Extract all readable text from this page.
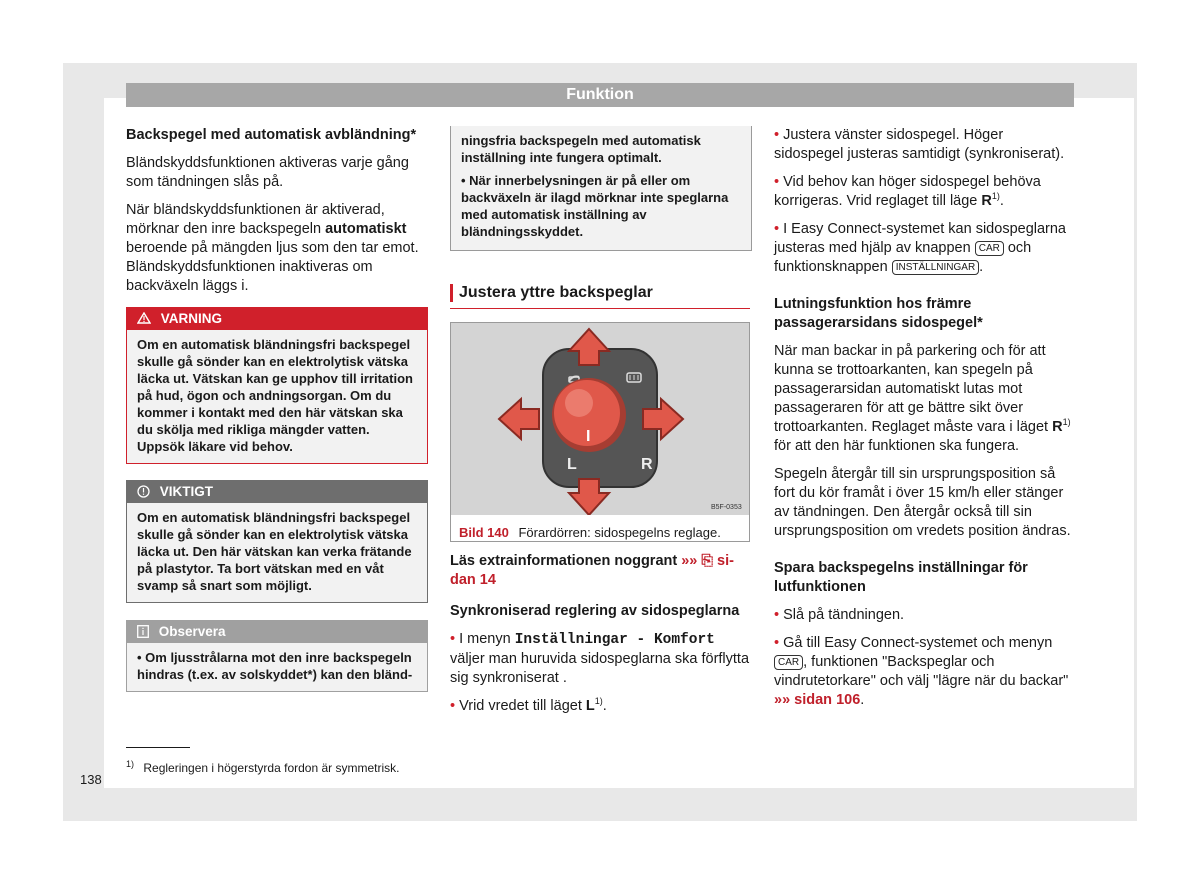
Funktion

Backspegel med automatisk avbländning*

Bländskyddsfunktionen aktiveras varje gång som tändningen slås på.

När bländskyddsfunktionen är aktiverad, mörknar den inre backspegeln automatiskt beroende på mängden ljus som den tar emot. Bländskyddsfunktionen inaktiveras om backväxeln läggs i.

VARNING
Om en automatisk bländningsfri backspegel skulle gå sönder kan en elektrolytisk vätska läcka ut. Vätskan kan ge upphov till irritation på hud, ögon och andningsorgan. Om du kommer i kontakt med den här vätskan ska du skölja med rikliga mängder vatten. Uppsök läkare vid behov.
VIKTIGT
Om en automatisk bländningsfri backspegel skulle gå sönder kan en elektrolytisk vätska läcka ut. Den här vätskan kan verka frätande på plastytor. Ta bort vätskan med en våt svamp så snart som möjligt.
Observera
• Om ljusstrålarna mot den inre backspegeln hindras (t.ex. av solskyddet*) kan den bländ-
ningsfria backspegeln med automatisk inställning inte fungera optimalt.
• När innerbelysningen är på eller om backväxeln är ilagd mörknar inte speglarna med automatisk inställning av bländningsskyddet.
Justera yttre backspeglar
L	R
I
B5F-0353
Bild 140 Förardörren: sidospegelns reglage.

Läs extrainformationen noggrant »» ⎘ si-dan 14

Synkroniserad reglering av sidospeglarna

• I menyn Inställningar - Komfort väljer man huruvida sidospeglarna ska förflytta sig synkroniserat .

• Vrid vredet till läget $L^{1)}$.

• Justera vänster sidospegel. Höger sidospegel justeras samtidigt (synkroniserat).

• Vid behov kan höger sidospegel behöva korrigeras. Vrid reglaget till läge $R^{1)}$.

• I Easy Connect-systemet kan sidospeglarna justeras med hjälp av knappen CAR och funktionsknappen INSTÄLLNINGAR .

Lutningsfunktion hos främre passagerarsidans sidospegel*

När man backar in på parkering och för att kunna se trottoarkanten, kan spegeln på passagerarsidan automatiskt lutas mot passageraren för att ge bättre sikt över trottoarkanten. Reglaget måste vara i läget $R^{1)}$ för att den här funktionen ska fungera.

Spegeln återgår till sin ursprungsposition så fort du kör framåt i över 15 km/h eller stänger av tändningen. Den återgår också till sin ursprungsposition om vredets position ändras.

Spara backspegelns inställningar för lutfunktionen

• Slå på tändningen.

• Gå till Easy Connect-systemet och menyn CAR , funktionen "Backspeglar och vindrutetorkare" och välj "lägre när du backar" »» sidan 106.

$^{1)}$ Regleringen i högerstyrda fordon är symmetrisk.
138
